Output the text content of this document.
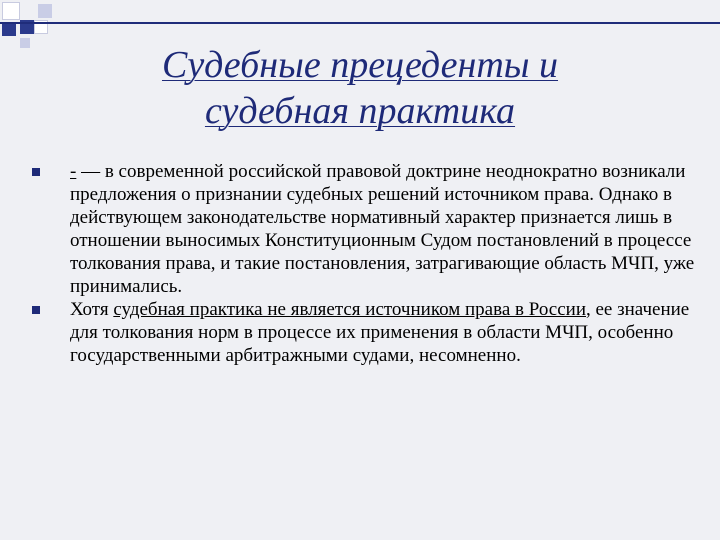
Судебные прецеденты и
судебная практика
- — в современной российской правовой доктрине неоднократно возникали предложения о признании судебных решений источником права. Однако в действующем законодательстве нормативный характер признается лишь в отношении выносимых Конституционным Судом постановлений в процессе толкования права, и такие постановления, затрагивающие область МЧП, уже принимались.
Хотя судебная практика не является источником права в России, ее значение для толкования норм в процессе их применения в области МЧП, особенно государственными арбитражными судами, несомненно.
